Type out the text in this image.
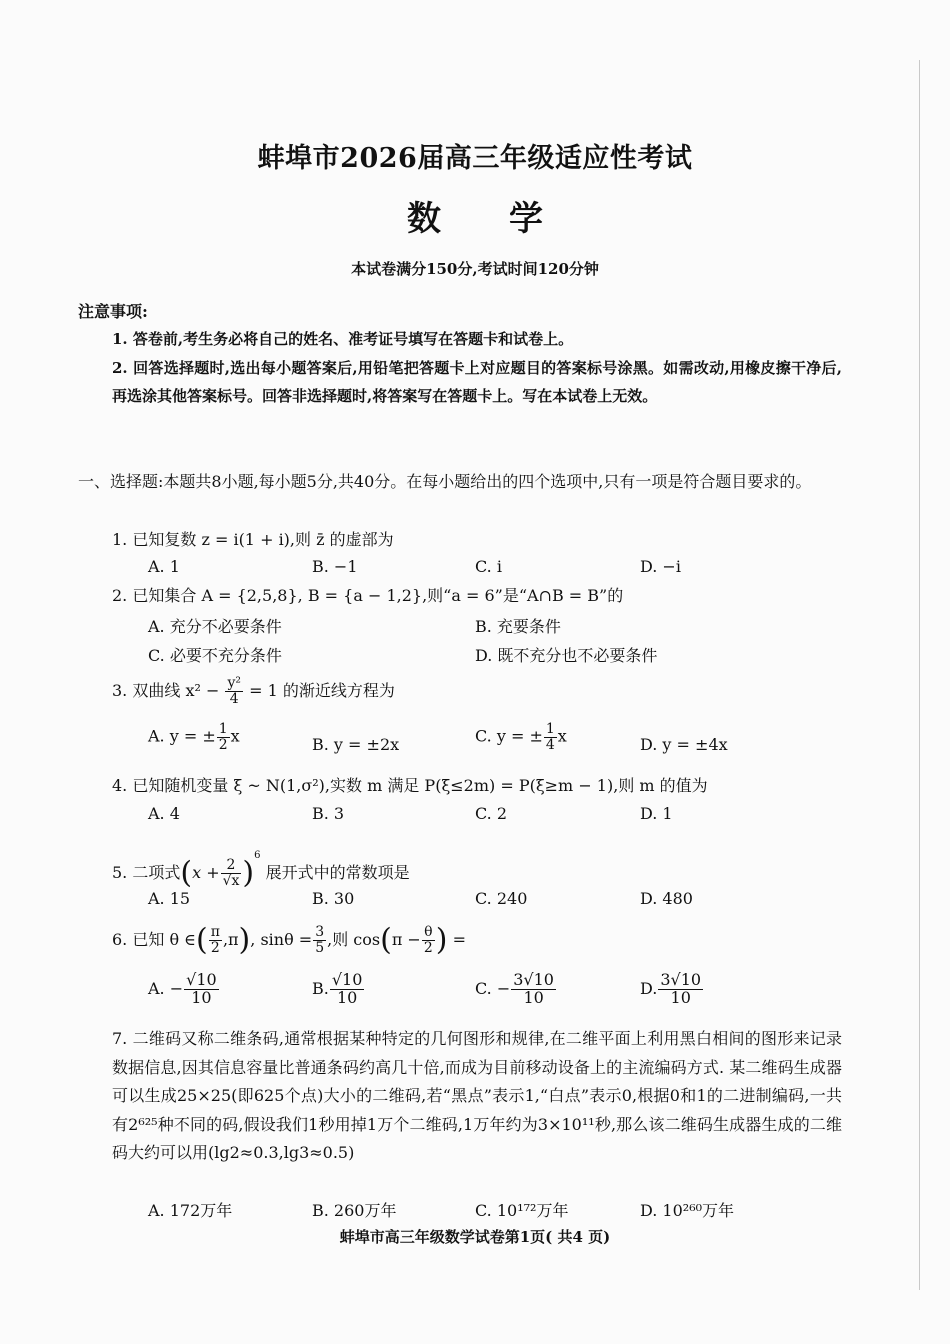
蚌埠市2026届高三年级适应性考试
数学
本试卷满分150分,考试时间120分钟
注意事项:
1. 答卷前,考生务必将自己的姓名、准考证号填写在答题卡和试卷上。
2. 回答选择题时,选出每小题答案后,用铅笔把答题卡上对应题目的答案标号涂黑。如需改动,用橡皮擦干净后,再选涂其他答案标号。回答非选择题时,将答案写在答题卡上。写在本试卷上无效。
一、选择题:本题共8小题,每小题5分,共40分。在每小题给出的四个选项中,只有一项是符合题目要求的。
1. 已知复数 z = i(1 + i),则 z̄ 的虚部为
A. 1	B. −1	C. i	D. −i
2. 已知集合 A = {2,5,8}, B = {a − 1,2},则“a = 6”是“A∩B = B”的
A. 充分不必要条件	B. 充要条件
C. 必要不充分条件	D. 既不充分也不必要条件
3. 双曲线 $x^2 - \frac{\text{y²}}{4} = 1$ 的渐近线方程为
A. y = ± $\frac{1}{2}$ x	B. y = ±2x	C. y = ± $\frac{1}{4}$ x	D. y = ±4x
4. 已知随机变量 ξ ~ N(1,σ²),实数 m 满足 P(ξ≤2m) = P(ξ≥m − 1),则 m 的值为
A. 4	B. 3	C. 2	D. 1
5. 二项式$(x + \frac{2}{√x} )^6$ 展开式中的常数项是
A. 15	B. 30	C. 240	D. 480
6. 已知 θ ∈( $\frac{\pi}{2} ,\pi$), $\sin\theta = \frac{3}{5}$ ,则 $\cos(\pi - \frac{\theta}{2}$ ) =
A. − $\frac{√10}{10}$	B. $\frac{√10}{10}$	C. − $\frac{3√10}{10}$	D. $\frac{3√10}{10}$
7. 二维码又称二维条码,通常根据某种特定的几何图形和规律,在二维平面上利用黑白相间的图形来记录数据信息,因其信息容量比普通条码约高几十倍,而成为目前移动设备上的主流编码方式. 某二维码生成器可以生成25×25(即625个点)大小的二维码,若“黑点”表示1,“白点”表示0,根据0和1的二进制编码,一共有2⁶²⁵种不同的码,假设我们1秒用掉1万个二维码,1万年约为3×10¹¹秒,那么该二维码生成器生成的二维码大约可以用(lg2≈0.3,lg3≈0.5)
A. 172万年	B. 260万年	C. 10¹⁷²万年	D. 10²⁶⁰万年
蚌埠市高三年级数学试卷第1页( 共4 页)
